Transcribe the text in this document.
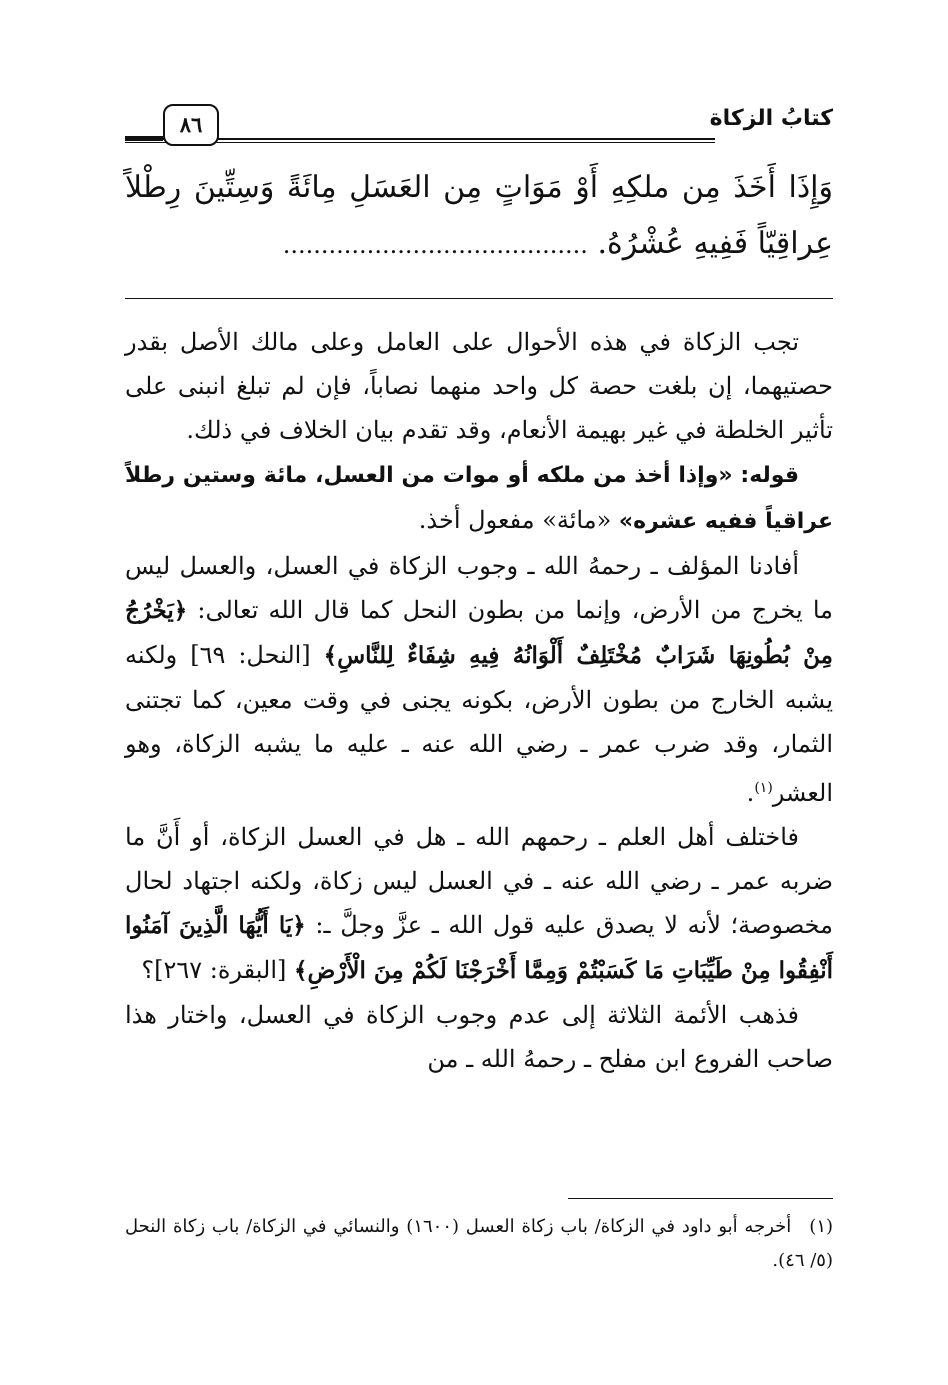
كتابُ الزكاة
٨٦
وَإِذَا أَخَذَ مِن ملكِهِ أَوْ مَوَاتٍ مِن العَسَلِ مِائَةً وَسِتِّينَ رِطْلاً عِراقِيّاً فَفِيهِ عُشْرُهُ. ........................................

تجب الزكاة في هذه الأحوال على العامل وعلى مالك الأصل بقدر حصتيهما، إن بلغت حصة كل واحد منهما نصاباً، فإن لم تبلغ انبنى على تأثير الخلطة في غير بهيمة الأنعام، وقد تقدم بيان الخلاف في ذلك.

قوله: «وإذا أخذ من ملكه أو موات من العسل، مائة وستين رطلاً عراقياً ففيه عشره» «مائة» مفعول أخذ.

أفادنا المؤلف ـ رحمهُ الله ـ وجوب الزكاة في العسل، والعسل ليس ما يخرج من الأرض، وإنما من بطون النحل كما قال الله تعالى: ﴿يَخْرُجُ مِنْ بُطُونِهَا شَرَابٌ مُخْتَلِفٌ أَلْوَانُهُ فِيهِ شِفَاءٌ لِلنَّاسِ﴾ [النحل: ٦٩] ولكنه يشبه الخارج من بطون الأرض، بكونه يجنى في وقت معين، كما تجتنى الثمار، وقد ضرب عمر ـ رضي الله عنه ـ عليه ما يشبه الزكاة، وهو العشر$^{(١)}$.

فاختلف أهل العلم ـ رحمهم الله ـ هل في العسل الزكاة، أو أَنَّ ما ضربه عمر ـ رضي الله عنه ـ في العسل ليس زكاة، ولكنه اجتهاد لحال مخصوصة؛ لأنه لا يصدق عليه قول الله ـ عزَّ وجلَّ ـ: ﴿يَا أَيُّهَا الَّذِينَ آمَنُوا أَنْفِقُوا مِنْ طَيِّبَاتِ مَا كَسَبْتُمْ وَمِمَّا أَخْرَجْنَا لَكُمْ مِنَ الْأَرْضِ﴾ [البقرة: ٢٦٧]؟

فذهب الأئمة الثلاثة إلى عدم وجوب الزكاة في العسل، واختار هذا صاحب الفروع ابن مفلح ـ رحمهُ الله ـ من

(١)أخرجه أبو داود في الزكاة/ باب زكاة العسل (١٦٠٠) والنسائي في الزكاة/ باب زكاة النحل (٥/ ٤٦).
